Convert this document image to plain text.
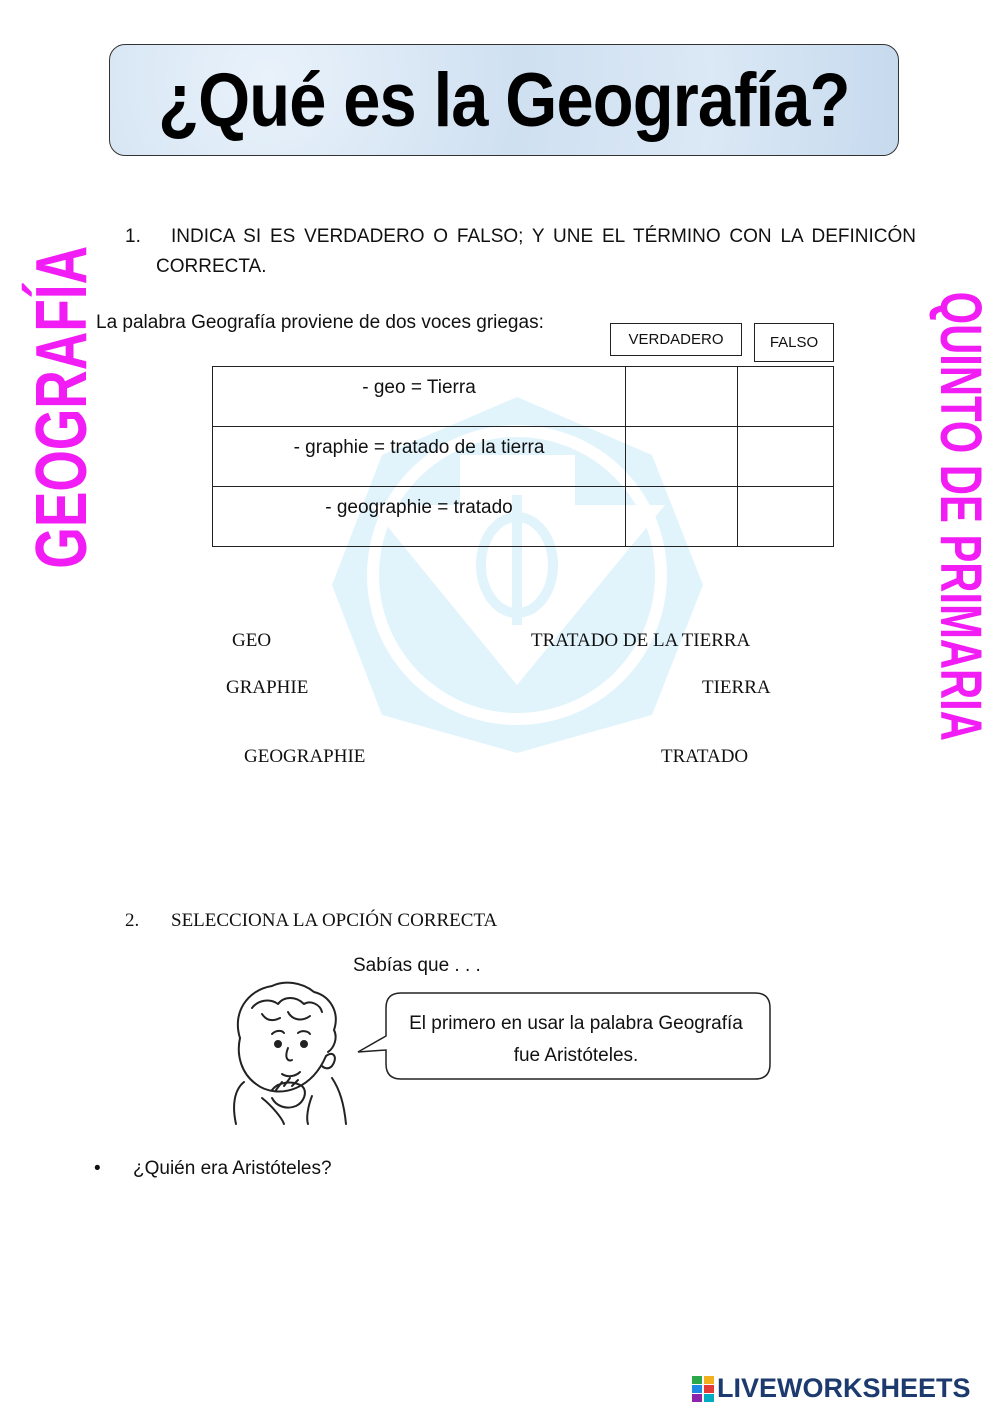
¿Qué es la Geografía?
GEOGRAFÍA	QUINTO DE PRIMARIA
1. INDICA SI ES VERDADERO O FALSO; Y UNE EL TÉRMINO CON LA DEFINICÓN
CORRECTA.
La palabra Geografía proviene de dos voces griegas:
VERDADERO	FALSO
- geo = Tierra		
- graphie = tratado de la tierra		
- geographie = tratado		
GEO
GRAPHIE
GEOGRAPHIE
TRATADO DE LA TIERRA
TIERRA
TRATADO
2. SELECCIONA LA OPCIÓN CORRECTA
Sabías que . . .
El primero en usar la palabra Geografía
fue Aristóteles.
• ¿Quién era Aristóteles?
LIVEWORKSHEETS
